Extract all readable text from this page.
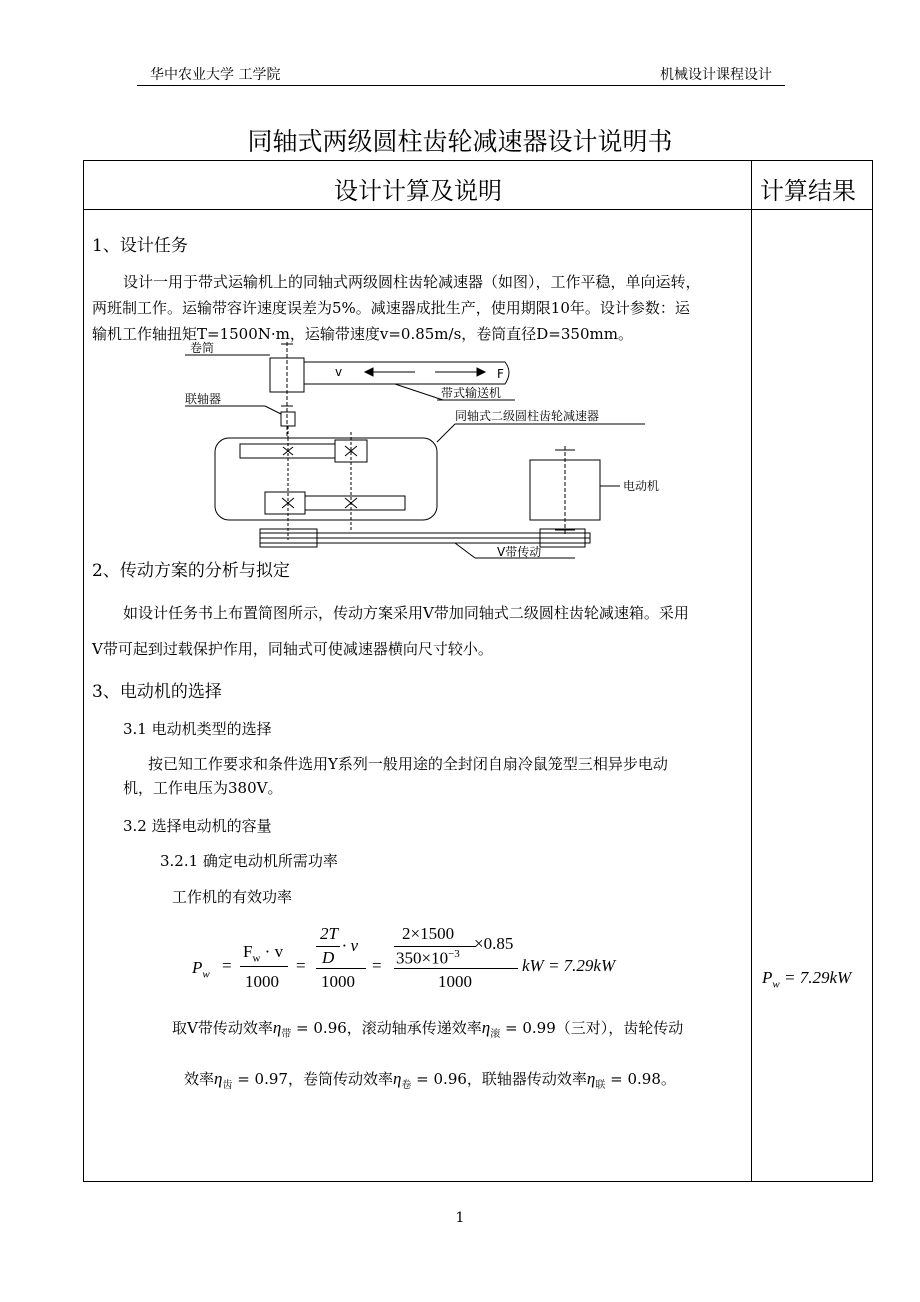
华中农业大学 工学院	机械设计课程设计
同轴式两级圆柱齿轮减速器设计说明书
设计计算及说明	计算结果
1、设计任务
设计一用于带式运输机上的同轴式两级圆柱齿轮减速器（如图），工作平稳，单向运转，
两班制工作。运输带容许速度误差为5%。减速器成批生产，使用期限10年。设计参数：运
输机工作轴扭矩T=1500N·m，运输带速度v=0.85m/s，卷筒直径D=350mm。
卷筒
联轴器	带式输送机
同轴式二级圆柱齿轮减速器
电动机
V带传动
v	F
2、传动方案的分析与拟定
如设计任务书上布置简图所示，传动方案采用V带加同轴式二级圆柱齿轮减速箱。采用
V带可起到过载保护作用，同轴式可使减速器横向尺寸较小。
3、电动机的选择
3.1 电动机类型的选择
按已知工作要求和条件选用Y系列一般用途的全封闭自扇冷鼠笼型三相异步电动
机，工作电压为380V。
3.2 选择电动机的容量
3.2.1 确定电动机所需功率
工作机的有效功率
$P_w$ =
$F_w \cdot v$
1000
=
2T
D
· v
1000
=
2×1500
$350\times 10^{-3}$
×0.85
1000
kW = 7.29kW
取V带传动效率$\eta_带 = 0.96$，滚动轴承传递效率$\eta_滚 = 0.99$（三对），齿轮传动
效率$\eta_齿 = 0.97$，卷筒传动效率$\eta_卷 = 0.96$，联轴器传动效率$\eta_联 = 0.98$。
$P_w = 7.29kW$
1
